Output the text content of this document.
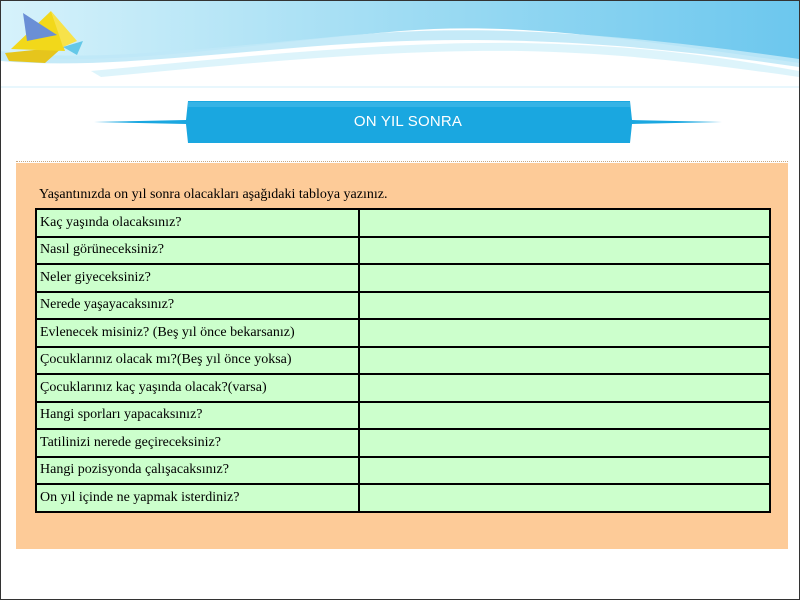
ON YIL SONRA
Yaşantınızda on yıl sonra olacakları aşağıdaki tabloya yazınız.
Kaç yaşında olacaksınız?	
Nasıl görüneceksiniz?	
Neler giyeceksiniz?	
Nerede yaşayacaksınız?	
Evlenecek misiniz? (Beş yıl önce bekarsanız)	
Çocuklarınız olacak mı?(Beş yıl önce yoksa)	
Çocuklarınız kaç yaşında olacak?(varsa)	
Hangi sporları yapacaksınız?	
Tatilinizi nerede geçireceksiniz?	
Hangi pozisyonda çalışacaksınız?	
On yıl içinde ne yapmak isterdiniz?	
